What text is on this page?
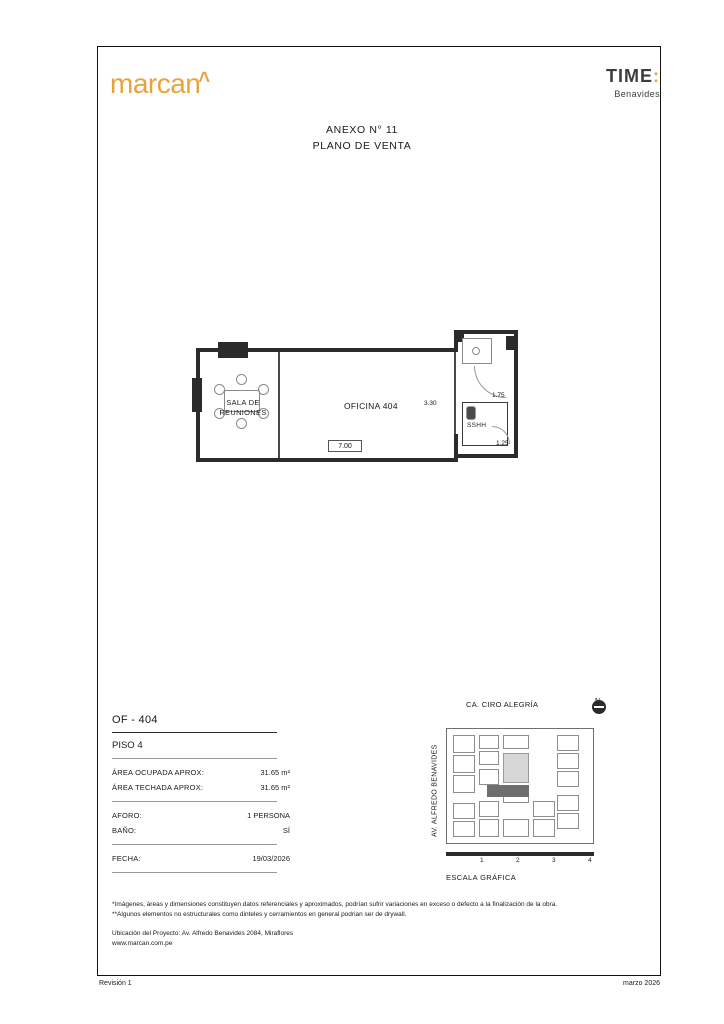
marcan^	TIME:
Benavides
ANEXO N° 11
PLANO DE VENTA
SALA DE
REUNIONES
OFICINA 404
SSHH
7.00
3.30
1.75
1.25
OF - 404
PISO 4
ÁREA OCUPADA APROX:	31.65 m²
ÁREA TECHADA APROX:	31.65 m²
AFORO:	1 PERSONA
BAÑO:	SÍ
FECHA:	19/03/2026
CA. CIRO ALEGRÍA
AV. ALFREDO BENAVIDES
1	2	3	4
ESCALA GRÁFICA

*Imágenes, áreas y dimensiones constituyen datos referenciales y aproximados, podrían sufrir variaciones en exceso o defecto a la finalización de la obra.

**Algunos elementos no estructurales como dinteles y cerramientos en general podrian ser de drywall.

Ubicación del Proyecto: Av. Alfredo Benavides 2084, Miraflores

www.marcan.com.pe

Revisión 1	marzo 2026
